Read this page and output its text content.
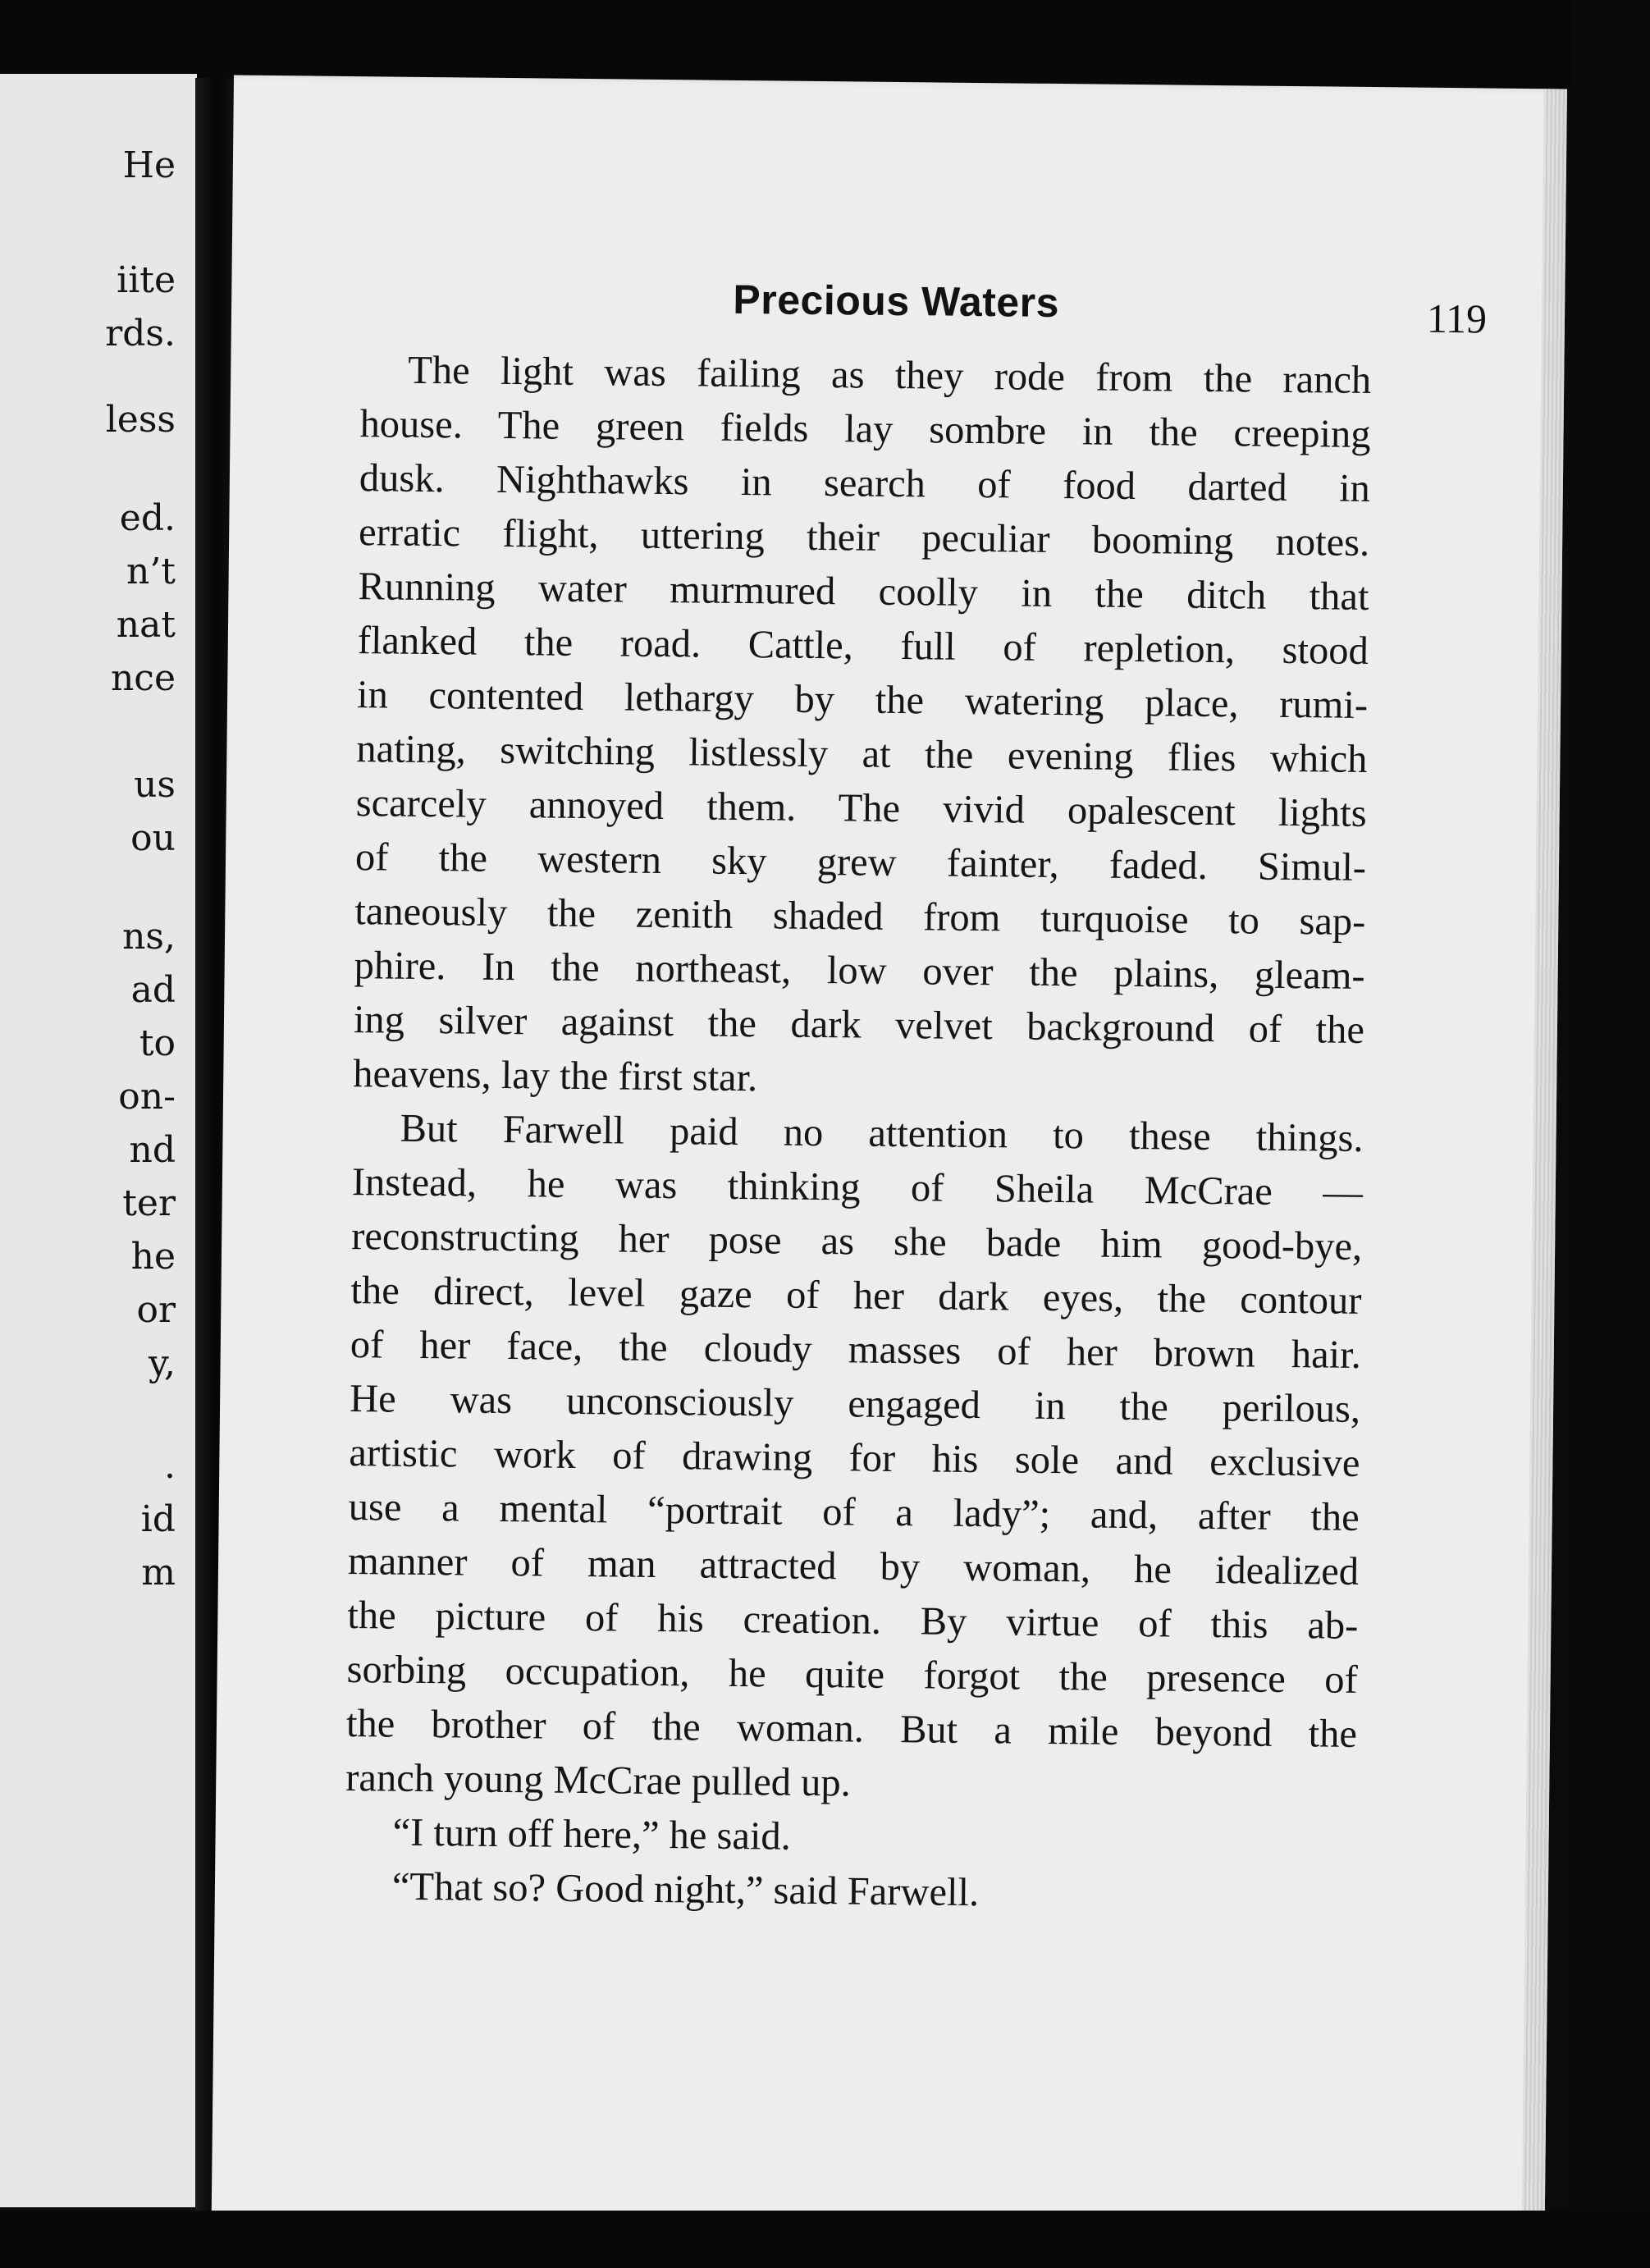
He
iite
rds.
less
ed.
n’t
nat
nce
us
ou
ns,
ad
to
on-
nd
ter
he
or
y,
.
id
m
Precious Waters	119

The light was failing as they rode from the ranch
house. The green fields lay sombre in the creeping
dusk. Nighthawks in search of food darted in
erratic flight, uttering their peculiar booming notes.
Running water murmured coolly in the ditch that
flanked the road. Cattle, full of repletion, stood
in contented lethargy by the watering place, rumi-
nating, switching listlessly at the evening flies which
scarcely annoyed them. The vivid opalescent lights
of the western sky grew fainter, faded. Simul-
taneously the zenith shaded from turquoise to sap-
phire. In the northeast, low over the plains, gleam-
ing silver against the dark velvet background of the
heavens, lay the first star.

But Farwell paid no attention to these things.
Instead, he was thinking of Sheila McCrae —
reconstructing her pose as she bade him good-bye,
the direct, level gaze of her dark eyes, the contour
of her face, the cloudy masses of her brown hair.
He was unconsciously engaged in the perilous,
artistic work of drawing for his sole and exclusive
use a mental “portrait of a lady”; and, after the
manner of man attracted by woman, he idealized
the picture of his creation. By virtue of this ab-
sorbing occupation, he quite forgot the presence of
the brother of the woman. But a mile beyond the
ranch young McCrae pulled up.

“I turn off here,” he said.

“That so? Good night,” said Farwell.
